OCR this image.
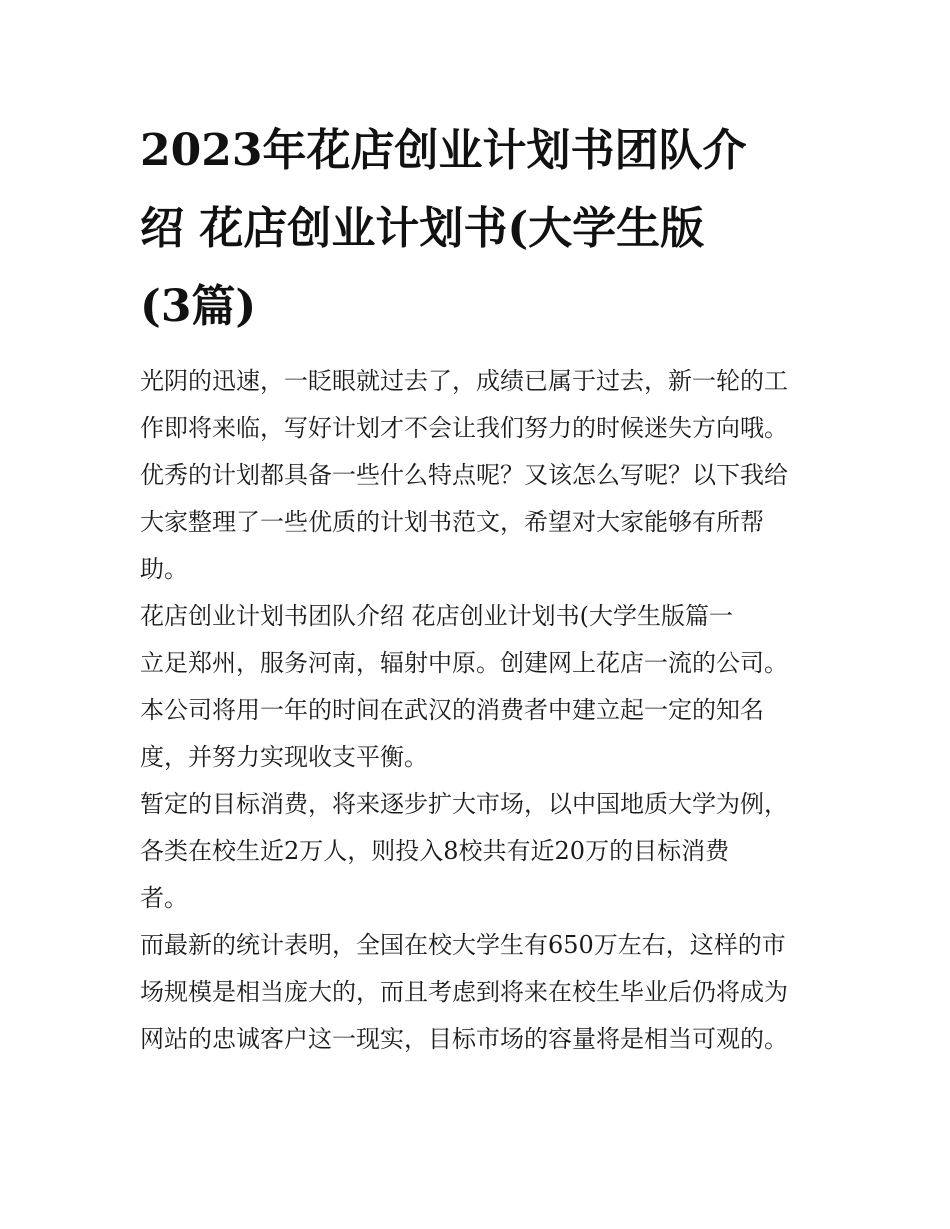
2023年花店创业计划书团队介
绍 花店创业计划书(大学生版
(3篇)
光阴的迅速，一眨眼就过去了，成绩已属于过去，新一轮的工
作即将来临，写好计划才不会让我们努力的时候迷失方向哦。
优秀的计划都具备一些什么特点呢？又该怎么写呢？以下我给
大家整理了一些优质的计划书范文，希望对大家能够有所帮
助。
花店创业计划书团队介绍 花店创业计划书(大学生版篇一
立足郑州，服务河南，辐射中原。创建网上花店一流的公司。
本公司将用一年的时间在武汉的消费者中建立起一定的知名
度，并努力实现收支平衡。
暂定的目标消费，将来逐步扩大市场，以中国地质大学为例，
各类在校生近2万人，则投入8校共有近20万的目标消费
者。
而最新的统计表明，全国在校大学生有650万左右，这样的市
场规模是相当庞大的，而且考虑到将来在校生毕业后仍将成为
网站的忠诚客户这一现实，目标市场的容量将是相当可观的。
